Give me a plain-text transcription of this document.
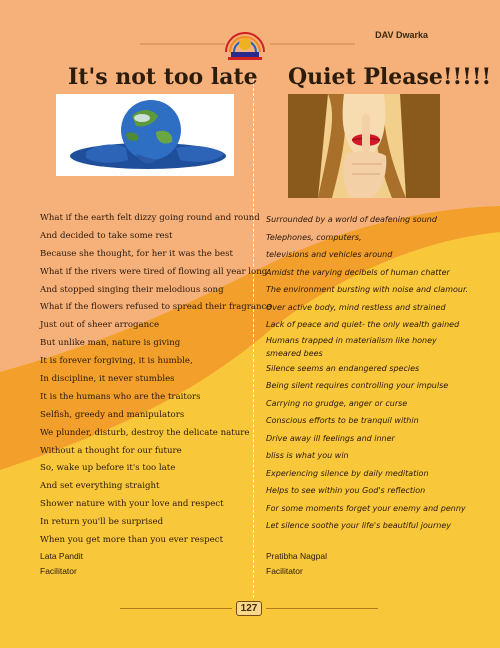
DAV Dwarka
It's not too late Quiet Please!!!!!
What if the earth felt dizzy going round and round
And decided to take some rest
Because she thought, for her it was the best
What if the rivers were tired of flowing all year long
And stopped singing their melodious song
What if the flowers refused to spread their fragrance
Just out of sheer arrogance
But unlike man, nature is giving
It is forever forgiving, it is humble,
In discipline, it never stumbles
It is the humans who are the traitors
Selfish, greedy and manipulators
We plunder, disturb, destroy the delicate nature
Without a thought for our future
So, wake up before it's too late
And set everything straight
Shower nature with your love and respect
In return you'll be surprised
When you get more than you ever respect
Surrounded by a world of deafening sound
Telephones, computers,
televisions and vehicles around
Amidst the varying decibels of human chatter
The environment bursting with noise and clamour.
Over active body, mind restless and strained
Lack of peace and quiet- the only wealth gained
Humans trapped in materialism like honey smeared bees
Silence seems an endangered species
Being silent requires controlling your impulse
Carrying no grudge, anger or curse
Conscious efforts to be tranquil within
Drive away ill feelings and inner
bliss is what you win
Experiencing silence by daily meditation
Helps to see within you God's reflection
For some moments forget your enemy and penny
Let silence soothe your life's beautiful journey
Lata Pandit
Facilitator
Pratibha Nagpal
Facilitator
127
